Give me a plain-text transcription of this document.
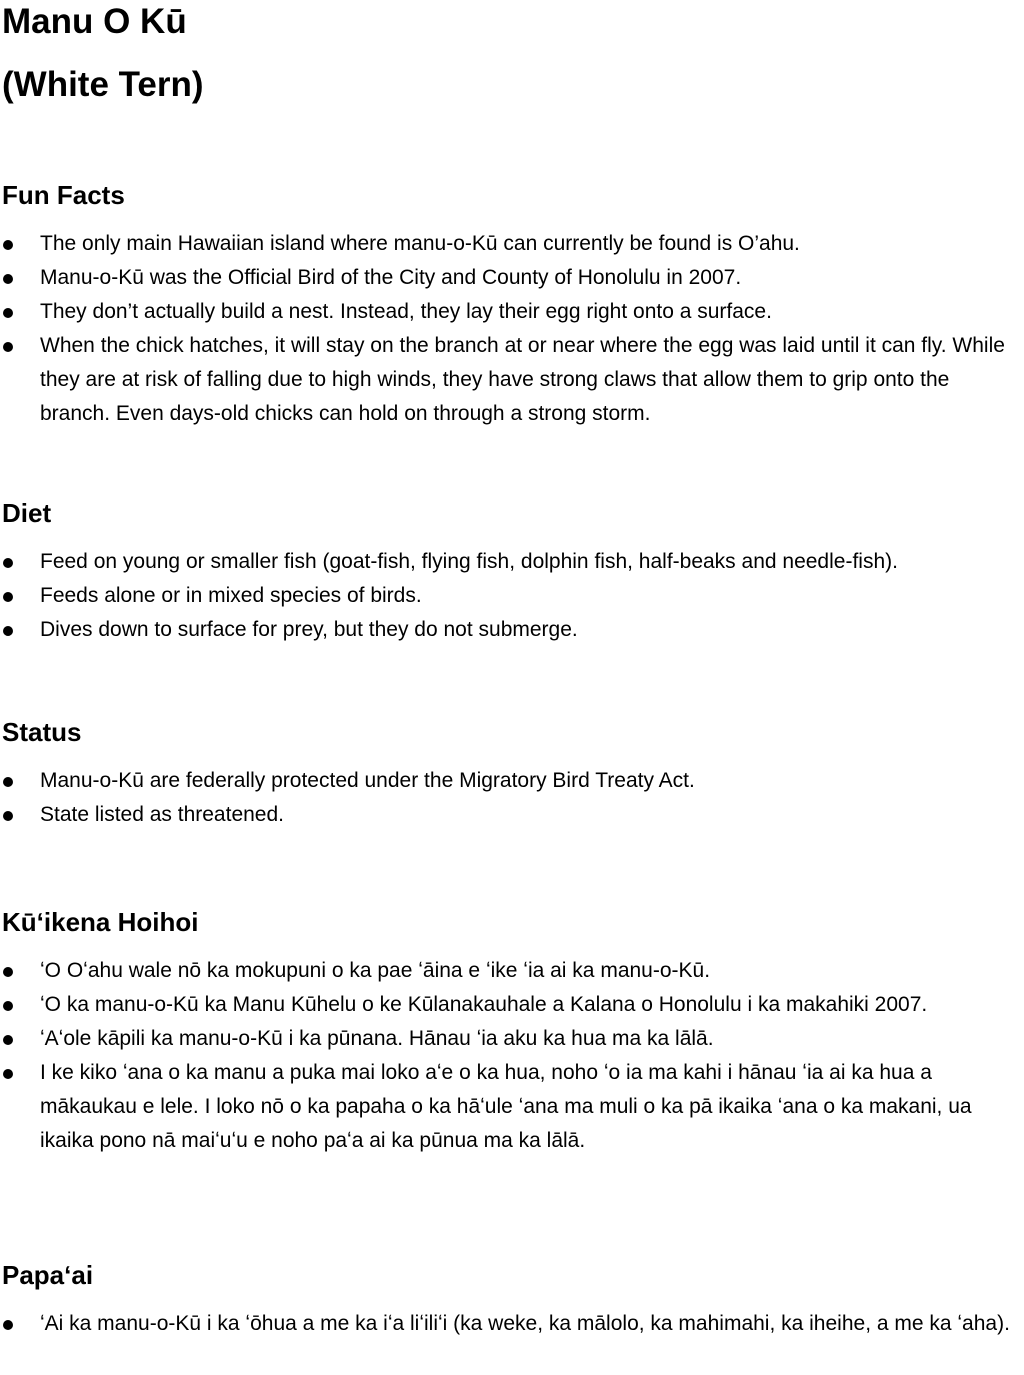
Manu O Kū
(White Tern)
Fun Facts
The only main Hawaiian island where manu-o-Kū can currently be found is O’ahu.
Manu-o-Kū was the Official Bird of the City and County of Honolulu in 2007.
They don’t actually build a nest. Instead, they lay their egg right onto a surface.
When the chick hatches, it will stay on the branch at or near where the egg was laid until it can fly. While they are at risk of falling due to high winds, they have strong claws that allow them to grip onto the branch. Even days-old chicks can hold on through a strong storm.
Diet
Feed on young or smaller fish (goat-fish, flying fish, dolphin fish, half-beaks and needle-fish).
Feeds alone or in mixed species of birds.
Dives down to surface for prey, but they do not submerge.
Status
Manu-o-Kū are federally protected under the Migratory Bird Treaty Act.
State listed as threatened.
Kūʻikena Hoihoi
ʻO Oʻahu wale nō ka mokupuni o ka pae ʻāina e ʻike ʻia ai ka manu-o-Kū.
ʻO ka manu-o-Kū ka Manu Kūhelu o ke Kūlanakauhale a Kalana o Honolulu i ka makahiki 2007.
ʻAʻole kāpili ka manu-o-Kū i ka pūnana. Hānau ʻia aku ka hua ma ka lālā.
I ke kiko ʻana o ka manu a puka mai loko aʻe o ka hua, noho ʻo ia ma kahi i hānau ʻia ai ka hua a mākaukau e lele. I loko nō o ka papaha o ka hāʻule ʻana ma muli o ka pā ikaika ʻana o ka makani, ua ikaika pono nā maiʻuʻu e noho paʻa ai ka pūnua ma ka lālā.
Papaʻai
ʻAi ka manu-o-Kū i ka ʻōhua a me ka iʻa liʻiliʻi (ka weke, ka mālolo, ka mahimahi, ka iheihe, a me ka ʻaha).
